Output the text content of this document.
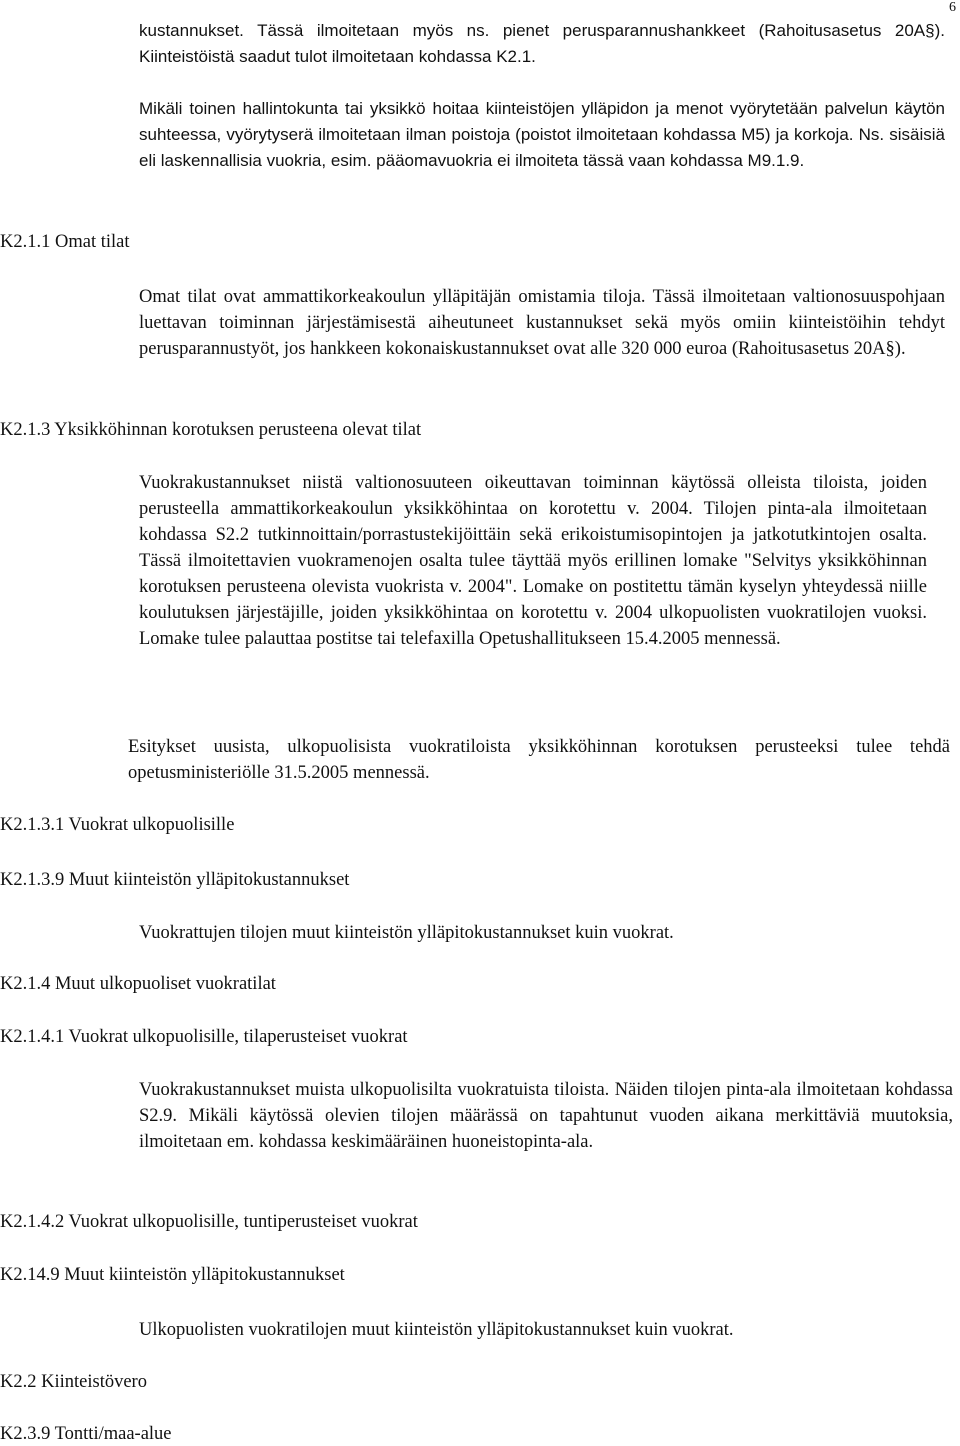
6

kustannukset. Tässä ilmoitetaan myös ns. pienet perusparannushankkeet (Rahoitusasetus 20A§). Kiinteistöistä saadut tulot ilmoitetaan kohdassa K2.1.

Mikäli toinen hallintokunta tai yksikkö hoitaa kiinteistöjen ylläpidon ja menot vyörytetään palvelun käytön suhteessa, vyörytyserä ilmoitetaan ilman poistoja (poistot ilmoitetaan kohdassa M5) ja korkoja. Ns. sisäisiä eli laskennallisia vuokria, esim. pääomavuokria ei ilmoiteta tässä vaan kohdassa M9.1.9.

K2.1.1 Omat tilat

Omat tilat ovat ammattikorkeakoulun ylläpitäjän omistamia tiloja. Tässä ilmoitetaan valtionosuuspohjaan luettavan toiminnan järjestämisestä aiheutuneet kustannukset sekä myös omiin kiinteistöihin tehdyt perusparannustyöt, jos hankkeen kokonaiskustannukset ovat alle 320 000 euroa (Rahoitusasetus 20A§).

K2.1.3 Yksikköhinnan korotuksen perusteena olevat tilat

Vuokrakustannukset niistä valtionosuuteen oikeuttavan toiminnan käytössä olleista tiloista, joiden perusteella ammattikorkeakoulun yksikköhintaa on korotettu v. 2004. Tilojen pinta-ala ilmoitetaan kohdassa S2.2 tutkinnoittain/porrastustekijöittäin sekä erikoistumisopintojen ja jatkotutkintojen osalta. Tässä ilmoitettavien vuokramenojen osalta tulee täyttää myös erillinen lomake "Selvitys yksikköhinnan korotuksen perusteena olevista vuokrista v. 2004". Lomake on postitettu tämän kyselyn yhteydessä niille koulutuksen järjestäjille, joiden yksikköhintaa on korotettu v. 2004 ulkopuolisten vuokratilojen vuoksi. Lomake tulee palauttaa postitse tai telefaxilla Opetushallitukseen 15.4.2005 mennessä.

Esitykset uusista, ulkopuolisista vuokratiloista yksikköhinnan korotuksen perusteeksi tulee tehdä opetusministeriölle 31.5.2005 mennessä.

K2.1.3.1 Vuokrat ulkopuolisille
K2.1.3.9 Muut kiinteistön ylläpitokustannukset

Vuokrattujen tilojen muut kiinteistön ylläpitokustannukset kuin vuokrat.

K2.1.4 Muut ulkopuoliset vuokratilat
K2.1.4.1 Vuokrat ulkopuolisille, tilaperusteiset vuokrat

Vuokrakustannukset muista ulkopuolisilta vuokratuista tiloista. Näiden tilojen pinta-ala ilmoitetaan kohdassa S2.9. Mikäli käytössä olevien tilojen määrässä on tapahtunut vuoden aikana merkittäviä muutoksia, ilmoitetaan em. kohdassa keskimääräinen huoneistopinta-ala.

K2.1.4.2 Vuokrat ulkopuolisille, tuntiperusteiset vuokrat
K2.14.9 Muut kiinteistön ylläpitokustannukset

Ulkopuolisten vuokratilojen muut kiinteistön ylläpitokustannukset kuin vuokrat.

K2.2 Kiinteistövero
K2.3.9 Tontti/maa-alue
